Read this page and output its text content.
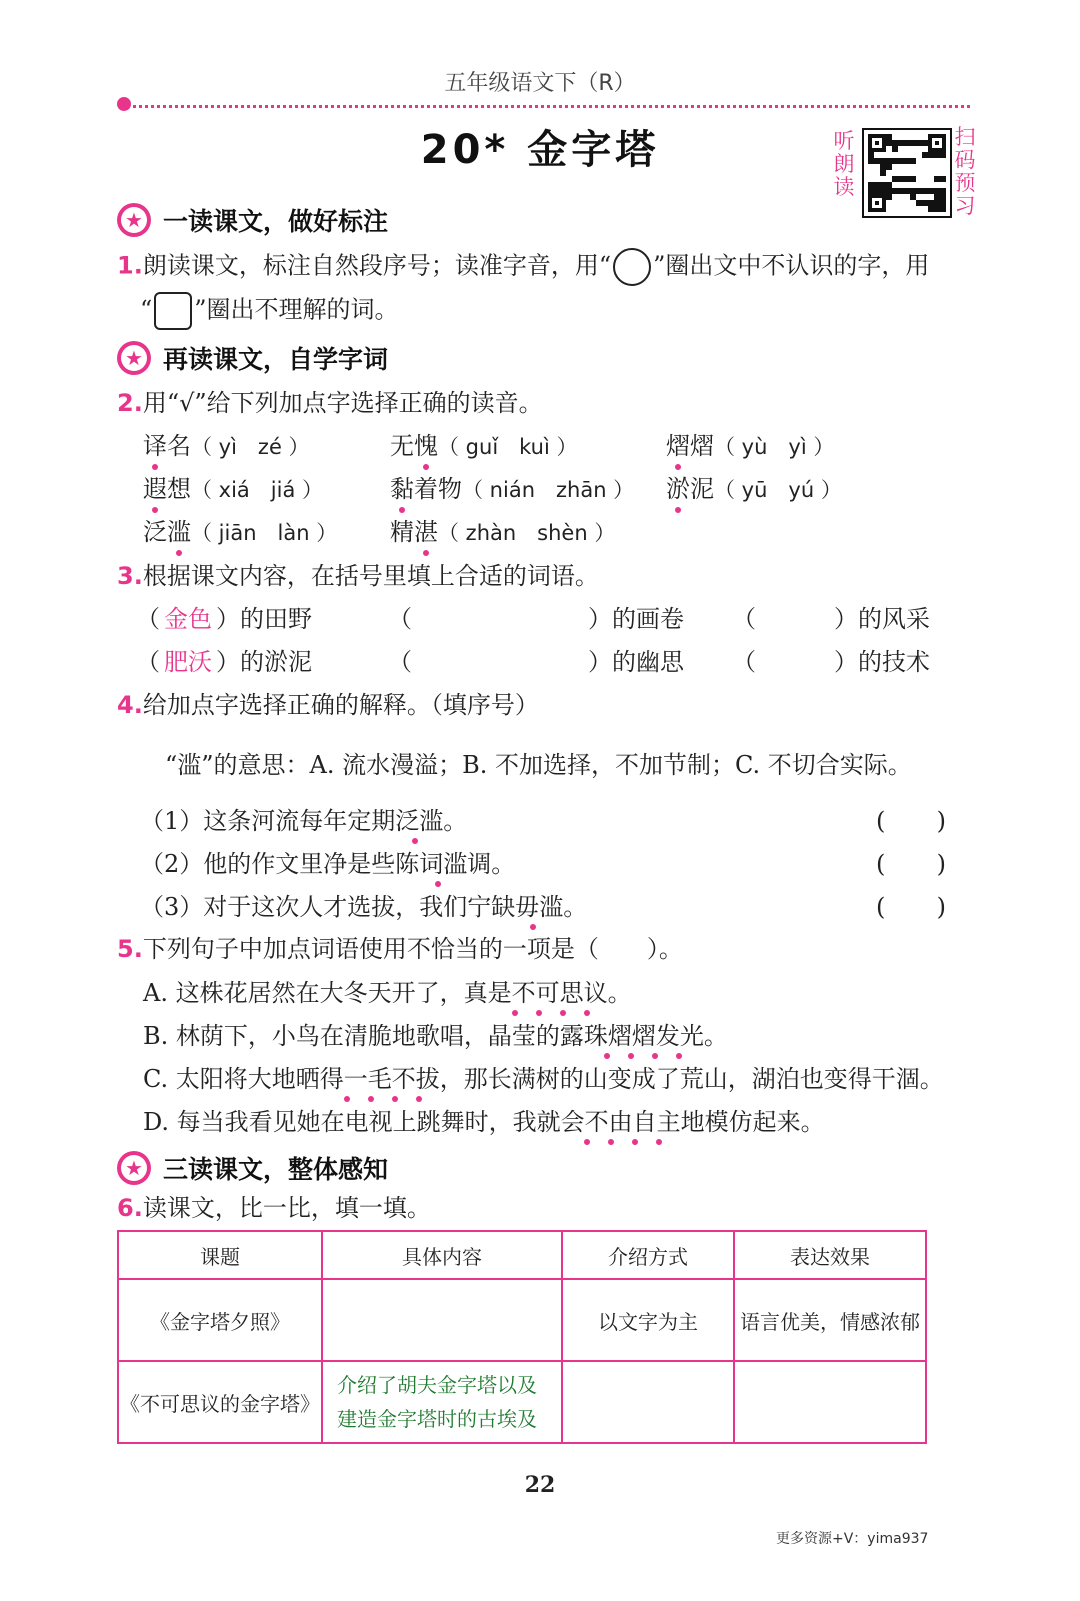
五年级语文下（R）
20* 金字塔	听朗读
扫码预习
★ 一读课文，做好标注
1.朗读课文，标注自然段序号；读准字音，用“ ○ ”圈出文中不认识的字，用
“ ”圈出不理解的词。
★ 再读课文，自学字词
2.用“√”给下列加点字选择正确的读音。
译名（ yì　zé ）	无愧（ guǐ　kuì ）	熠熠（ yù　yì ）
遐想（ xiá　jiá ）	黏着物（ nián　zhān ） 淤泥（ yū　yú ）
泛滥（ jiān　làn ） 精湛（ zhàn　shèn ）
3.根据课文内容，在括号里填上合适的词语。
（ 金色 ）的田野	（	）的画卷 （	）的风采
（ 肥沃 ）的淤泥	（	）的幽思 （	）的技术
4.给加点字选择正确的解释。（填序号）
“滥”的意思：A. 流水漫溢；B. 不加选择，不加节制；C. 不切合实际。
（1）这条河流每年定期泛滥。	( )
（2）他的作文里净是些陈词滥调。	( )
（3）对于这次人才选拔，我们宁缺毋滥。	( )
5.下列句子中加点词语使用不恰当的一项是（　　）。
A. 这株花居然在大冬天开了，真是不可思议。
B. 林荫下，小鸟在清脆地歌唱，晶莹的露珠熠熠发光。
C. 太阳将大地晒得一毛不拔，那长满树的山变成了荒山，湖泊也变得干涸。
D. 每当我看见她在电视上跳舞时，我就会不由自主地模仿起来。
★ 三读课文，整体感知
6.读课文，比一比，填一填。
课题	具体内容	介绍方式	表达效果
《金字塔夕照》		以文字为主	语言优美，情感浓郁
《不可思议的金字塔》	介绍了胡夫金字塔以及建造金字塔时的古埃及		
22
更多资源+V：yima937
